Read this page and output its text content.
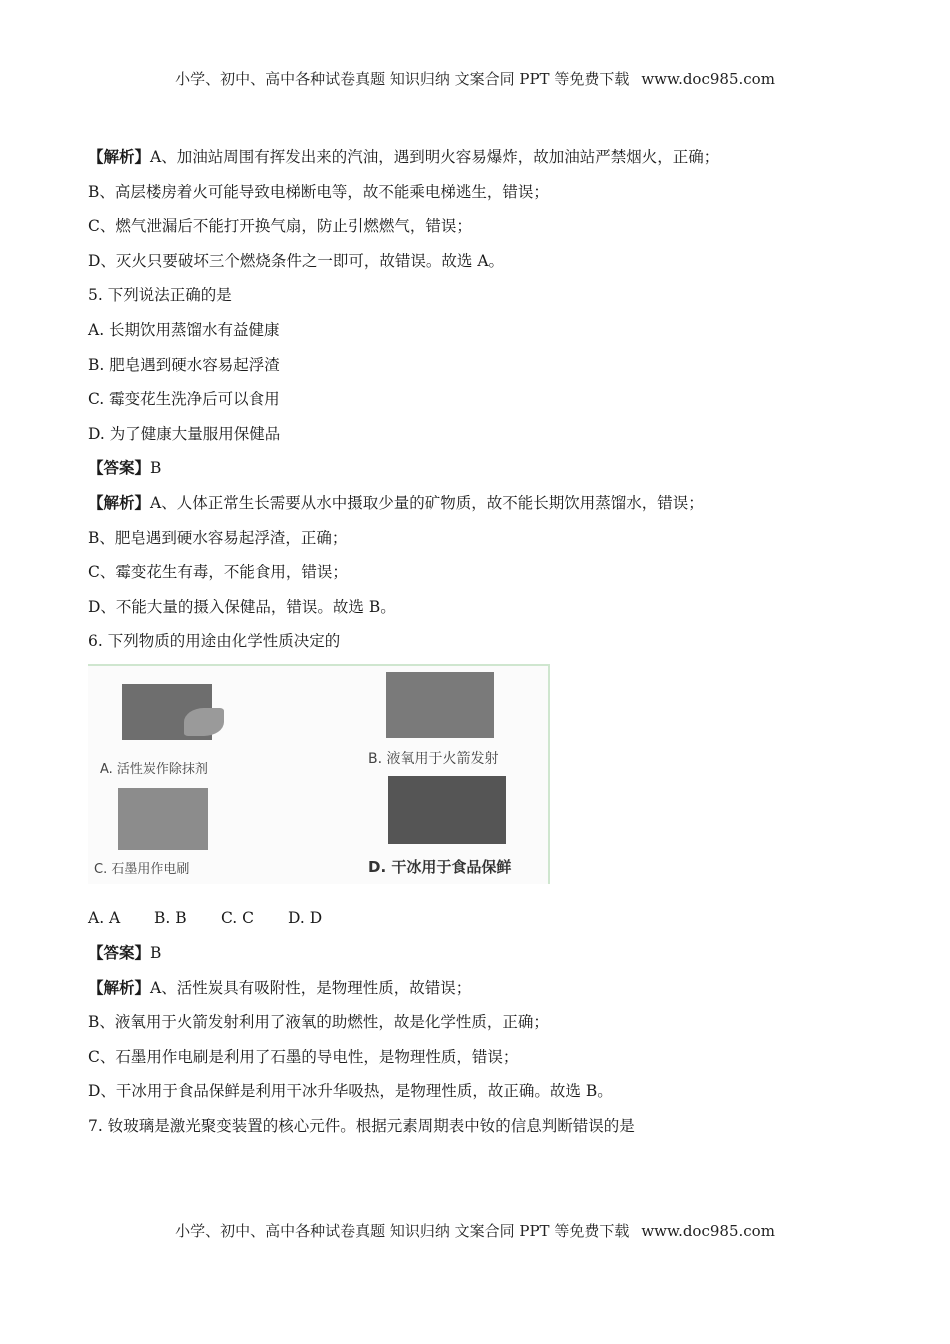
小学、初中、高中各种试卷真题 知识归纳 文案合同 PPT 等免费下载 www.doc985.com
【解析】A、加油站周围有挥发出来的汽油，遇到明火容易爆炸，故加油站严禁烟火，正确；
B、高层楼房着火可能导致电梯断电等，故不能乘电梯逃生，错误；
C、燃气泄漏后不能打开换气扇，防止引燃燃气，错误；
D、灭火只要破坏三个燃烧条件之一即可，故错误。故选 A。
5. 下列说法正确的是
A. 长期饮用蒸馏水有益健康
B. 肥皂遇到硬水容易起浮渣
C. 霉变花生洗净后可以食用
D. 为了健康大量服用保健品
【答案】B
【解析】A、人体正常生长需要从水中摄取少量的矿物质，故不能长期饮用蒸馏水，错误；
B、肥皂遇到硬水容易起浮渣，正确；
C、霉变花生有毒，不能食用，错误；
D、不能大量的摄入保健品，错误。故选 B。
6. 下列物质的用途由化学性质决定的
A. 活性炭作除抹剂
B. 液氧用于火箭发射
C. 石墨用作电刷	D. 干冰用于食品保鲜
A. A B. B C. C D. D
【答案】B
【解析】A、活性炭具有吸附性，是物理性质，故错误；
B、液氧用于火箭发射利用了液氧的助燃性，故是化学性质，正确；
C、石墨用作电刷是利用了石墨的导电性，是物理性质，错误；
D、干冰用于食品保鲜是利用干冰升华吸热，是物理性质，故正确。故选 B。
7. 钕玻璃是激光聚变装置的核心元件。根据元素周期表中钕的信息判断错误的是
小学、初中、高中各种试卷真题 知识归纳 文案合同 PPT 等免费下载 www.doc985.com
